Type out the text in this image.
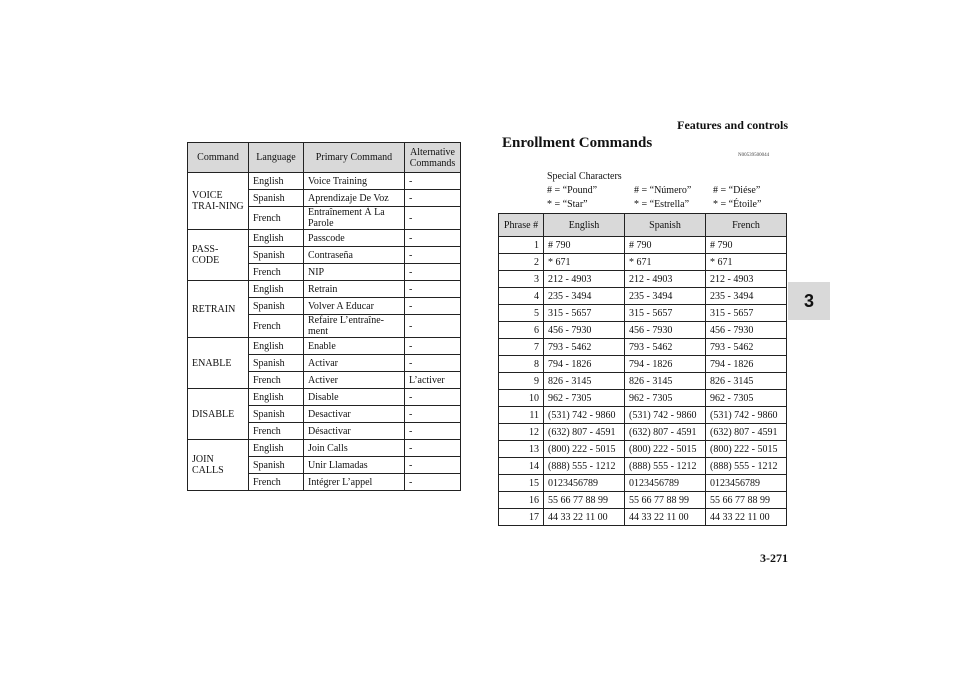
Features and controls
3
Command	Language	Primary Command	Alternative Commands
VOICE TRAI-NING	English	Voice Training	-
	Spanish	Aprendizaje De Voz	-
	French	Entraînement À La Parole	-
PASS-CODE	English	Passcode	-
	Spanish	Contraseña	-
	French	NIP	-
RETRAIN	English	Retrain	-
	Spanish	Volver A Educar	-
	French	Refaire L’entraîne-ment	-
ENABLE	English	Enable	-
	Spanish	Activar	-
	French	Activer	L’activer
DISABLE	English	Disable	-
	Spanish	Desactivar	-
	French	Désactivar	-
JOIN CALLS	English	Join Calls	-
	Spanish	Unir Llamadas	-
	French	Intégrer L’appel	-
Enrollment Commands
N00539500044
Special Characters
# = “Pound”	# = “Número”	# = “Diése”
* = “Star”	* = “Estrella”	* = “Étoile”
Phrase #	English	Spanish	French
1	# 790	# 790	# 790
2	* 671	* 671	* 671
3	212 - 4903	212 - 4903	212 - 4903
4	235 - 3494	235 - 3494	235 - 3494
5	315 - 5657	315 - 5657	315 - 5657
6	456 - 7930	456 - 7930	456 - 7930
7	793 - 5462	793 - 5462	793 - 5462
8	794 - 1826	794 - 1826	794 - 1826
9	826 - 3145	826 - 3145	826 - 3145
10	962 - 7305	962 - 7305	962 - 7305
11	(531) 742 - 9860	(531) 742 - 9860	(531) 742 - 9860
12	(632) 807 - 4591	(632) 807 - 4591	(632) 807 - 4591
13	(800) 222 - 5015	(800) 222 - 5015	(800) 222 - 5015
14	(888) 555 - 1212	(888) 555 - 1212	(888) 555 - 1212
15	0123456789	0123456789	0123456789
16	55 66 77 88 99	55 66 77 88 99	55 66 77 88 99
17	44 33 22 11 00	44 33 22 11 00	44 33 22 11 00
3-271
